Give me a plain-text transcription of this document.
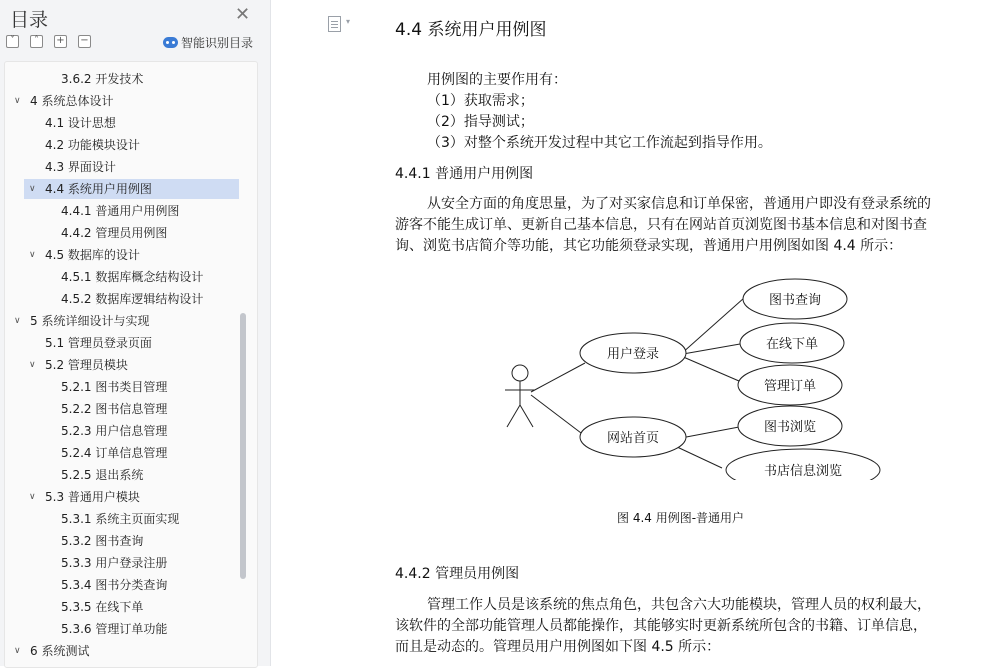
目录	✕
˅	˄	+ −	智能识别目录
3.6.2 开发技术
∨ 4 系统总体设计
4.1 设计思想
4.2 功能模块设计
4.3 界面设计
∨ 4.4 系统用户用例图
4.4.1 普通用户用例图
4.4.2 管理员用例图
∨ 4.5 数据库的设计
4.5.1 数据库概念结构设计
4.5.2 数据库逻辑结构设计
∨ 5 系统详细设计与实现
5.1 管理员登录页面
∨ 5.2 管理员模块
5.2.1 图书类目管理
5.2.2 图书信息管理
5.2.3 用户信息管理
5.2.4 订单信息管理
5.2.5 退出系统
∨ 5.3 普通用户模块
5.3.1 系统主页面实现
5.3.2 图书查询
5.3.3 用户登录注册
5.3.4 图书分类查询
5.3.5 在线下单
5.3.6 管理订单功能
∨ 6 系统测试
▾	4.4 系统用户用例图
用例图的主要作用有：
（1）获取需求；
（2）指导测试；
（3）对整个系统开发过程中其它工作流起到指导作用。
4.4.1 普通用户用例图
从安全方面的角度思量，为了对买家信息和订单保密，普通用户即没有登录系统的
游客不能生成订单、更新自己基本信息，只有在网站首页浏览图书基本信息和对图书查
询、浏览书店简介等功能，其它功能须登录实现，普通用户用例图如图 4.4 所示：
用户登录
网站首页
图书查询
在线下单
管理订单
图书浏览
书店信息浏览
图 4.4 用例图-普通用户
4.4.2 管理员用例图
管理工作人员是该系统的焦点角色，共包含六大功能模块，管理人员的权利最大，
该软件的全部功能管理人员都能操作，其能够实时更新系统所包含的书籍、订单信息，
而且是动态的。管理员用户用例图如下图 4.5 所示：
